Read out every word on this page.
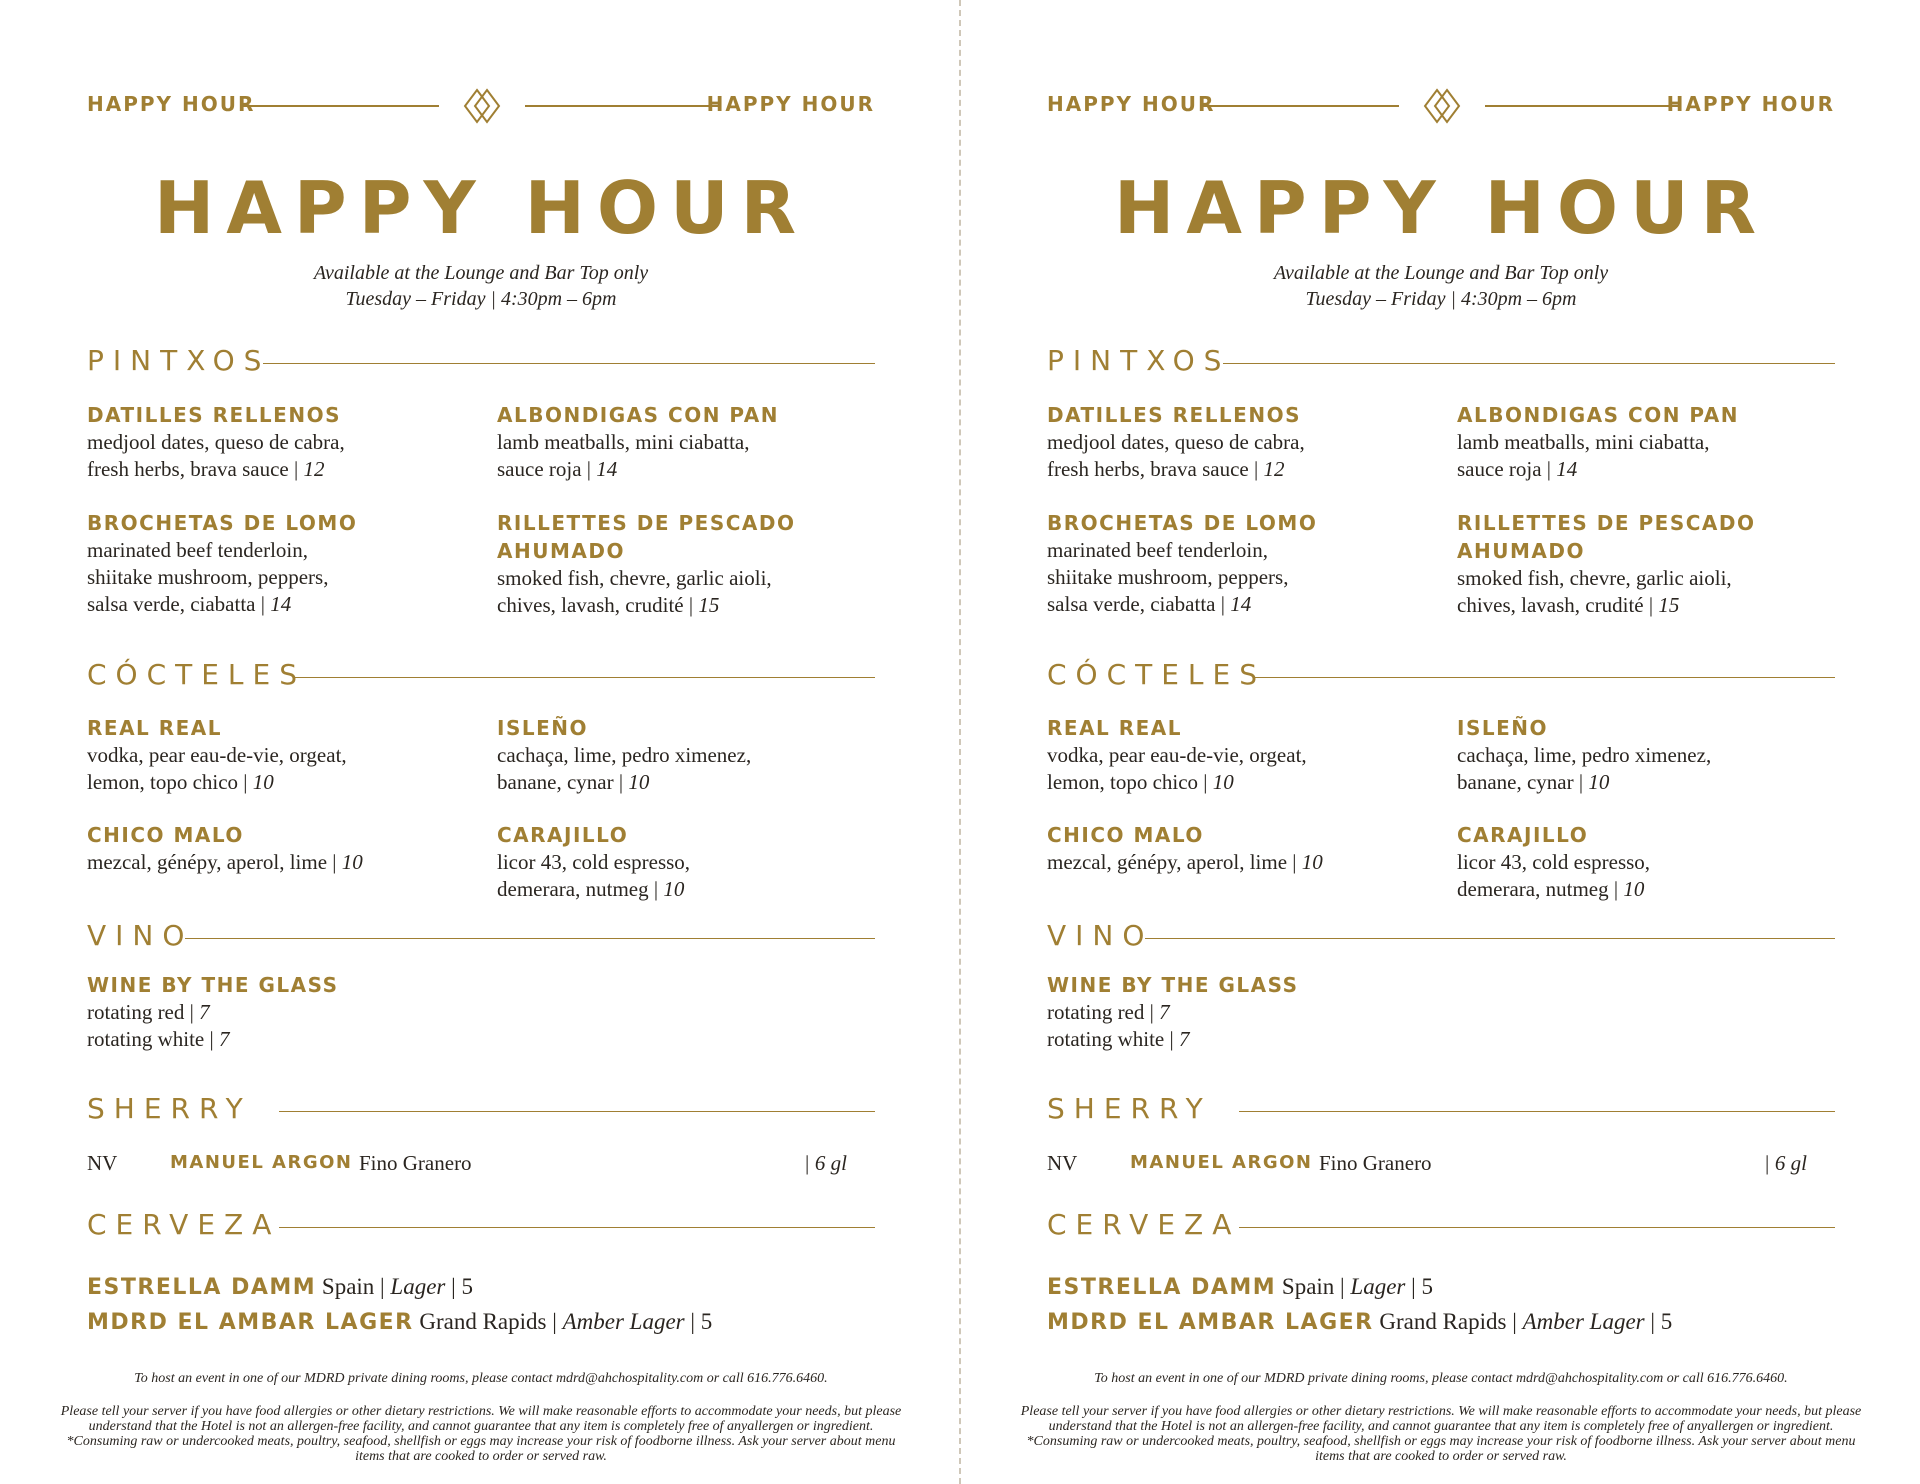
HAPPY HOUR	HAPPY HOUR
HAPPY HOUR
Available at the Lounge and Bar Top only
Tuesday – Friday | 4:30pm – 6pm
PINTXOS
DATILLES RELLENOS
medjool dates, queso de cabra,
fresh herbs, brava sauce | 12
ALBONDIGAS CON PAN
lamb meatballs, mini ciabatta,
sauce roja | 14
BROCHETAS DE LOMO
marinated beef tenderloin,
shiitake mushroom, peppers,
salsa verde, ciabatta | 14
RILLETTES DE PESCADO AHUMADO
smoked fish, chevre, garlic aioli,
chives, lavash, crudité | 15
CÓCTELES
REAL REAL
vodka, pear eau-de-vie, orgeat,
lemon, topo chico | 10
ISLEÑO
cachaça, lime, pedro ximenez,
banane, cynar | 10
CHICO MALO
mezcal, génépy, aperol, lime | 10
CARAJILLO
licor 43, cold espresso,
demerara, nutmeg | 10
VINO
WINE BY THE GLASS
rotating red | 7
rotating white | 7
SHERRY
NV	MANUEL ARGON Fino Granero	| 6 gl
CERVEZA
ESTRELLA DAMM Spain | Lager | 5
MDRD EL AMBAR LAGER Grand Rapids | Amber Lager | 5
To host an event in one of our MDRD private dining rooms, please contact mdrd@ahchospitality.com or call 616.776.6460.
Please tell your server if you have food allergies or other dietary restrictions. We will make reasonable efforts to accommodate your needs, but please understand that the Hotel is not an allergen-free facility, and cannot guarantee that any item is completely free of anyallergen or ingredient. *Consuming raw or undercooked meats, poultry, seafood, shellfish or eggs may increase your risk of foodborne illness. Ask your server about menu items that are cooked to order or served raw.
HAPPY HOUR	HAPPY HOUR
HAPPY HOUR
Available at the Lounge and Bar Top only
Tuesday – Friday | 4:30pm – 6pm
PINTXOS
DATILLES RELLENOS
medjool dates, queso de cabra,
fresh herbs, brava sauce | 12
ALBONDIGAS CON PAN
lamb meatballs, mini ciabatta,
sauce roja | 14
BROCHETAS DE LOMO
marinated beef tenderloin,
shiitake mushroom, peppers,
salsa verde, ciabatta | 14
RILLETTES DE PESCADO AHUMADO
smoked fish, chevre, garlic aioli,
chives, lavash, crudité | 15
CÓCTELES
REAL REAL
vodka, pear eau-de-vie, orgeat,
lemon, topo chico | 10
ISLEÑO
cachaça, lime, pedro ximenez,
banane, cynar | 10
CHICO MALO
mezcal, génépy, aperol, lime | 10
CARAJILLO
licor 43, cold espresso,
demerara, nutmeg | 10
VINO
WINE BY THE GLASS
rotating red | 7
rotating white | 7
SHERRY
NV	MANUEL ARGON Fino Granero	| 6 gl
CERVEZA
ESTRELLA DAMM Spain | Lager | 5
MDRD EL AMBAR LAGER Grand Rapids | Amber Lager | 5
To host an event in one of our MDRD private dining rooms, please contact mdrd@ahchospitality.com or call 616.776.6460.
Please tell your server if you have food allergies or other dietary restrictions. We will make reasonable efforts to accommodate your needs, but please understand that the Hotel is not an allergen-free facility, and cannot guarantee that any item is completely free of anyallergen or ingredient. *Consuming raw or undercooked meats, poultry, seafood, shellfish or eggs may increase your risk of foodborne illness. Ask your server about menu items that are cooked to order or served raw.
